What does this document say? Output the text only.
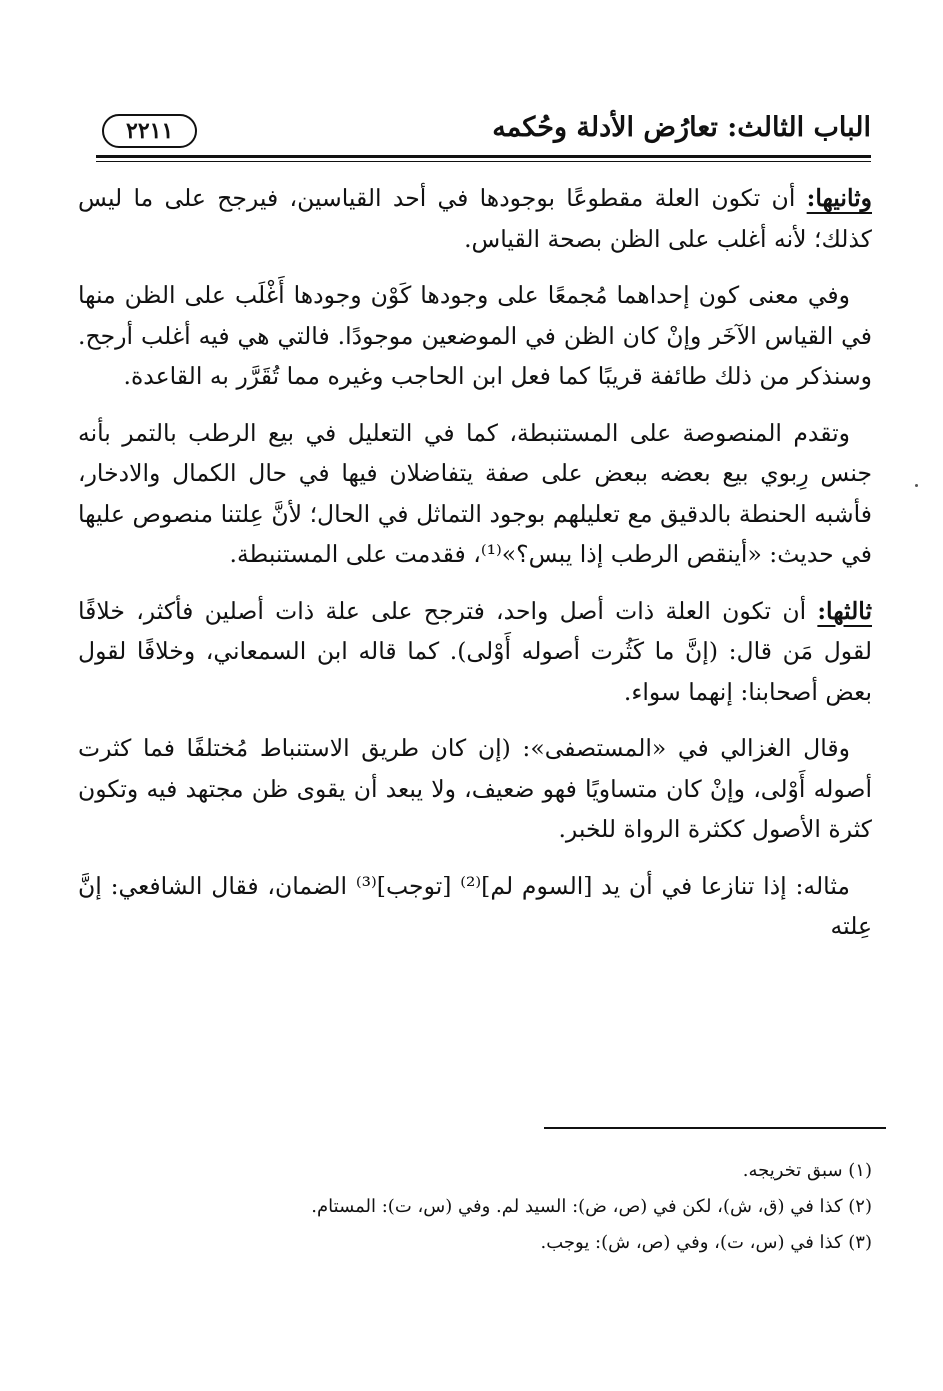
الباب الثالث: تعارُض الأدلة وحُكمه
٢٢١١

وثانيها: أن تكون العلة مقطوعًا بوجودها في أحد القياسين، فيرجح على ما ليس كذلك؛ لأنه أغلب على الظن بصحة القياس.

وفي معنى كون إحداهما مُجمعًا على وجودها كَوْن وجودها أَغْلَب على الظن منها في القياس الآخَر وإنْ كان الظن في الموضعين موجودًا. فالتي هي فيه أغلب أرجح. وسنذكر من ذلك طائفة قريبًا كما فعل ابن الحاجب وغيره مما تُقَرَّر به القاعدة.

وتقدم المنصوصة على المستنبطة، كما في التعليل في بيع الرطب بالتمر بأنه جنس رِبوي بيع بعضه ببعض على صفة يتفاضلان فيها في حال الكمال والادخار، فأشبه الحنطة بالدقيق مع تعليلهم بوجود التماثل في الحال؛ لأنَّ عِلتنا منصوص عليها في حديث: «أينقص الرطب إذا يبس؟»⁽¹⁾، فقدمت على المستنبطة.

ثالثها: أن تكون العلة ذات أصل واحد، فترجح على علة ذات أصلين فأكثر، خلافًا لقول مَن قال: (إنَّ ما كَثُرت أصوله أَوْلى). كما قاله ابن السمعاني، وخلافًا لقول بعض أصحابنا: إنهما سواء.

وقال الغزالي في «المستصفى»: (إن كان طريق الاستنباط مُختلفًا فما كثرت أصوله أَوْلى، وإنْ كان متساويًا فهو ضعيف، ولا يبعد أن يقوى ظن مجتهد فيه وتكون كثرة الأصول ككثرة الرواة للخبر.

مثاله: إذا تنازعا في أن يد [السوم لم]⁽²⁾ [توجب]⁽³⁾ الضمان، فقال الشافعي: إنَّ عِلته

(١) سبق تخريجه.
(٢) كذا في (ق، ش)، لكن في (ص، ض): السيد لم. وفي (س، ت): المستام.
(٣) كذا في (س، ت)، وفي (ص، ش): يوجب.
